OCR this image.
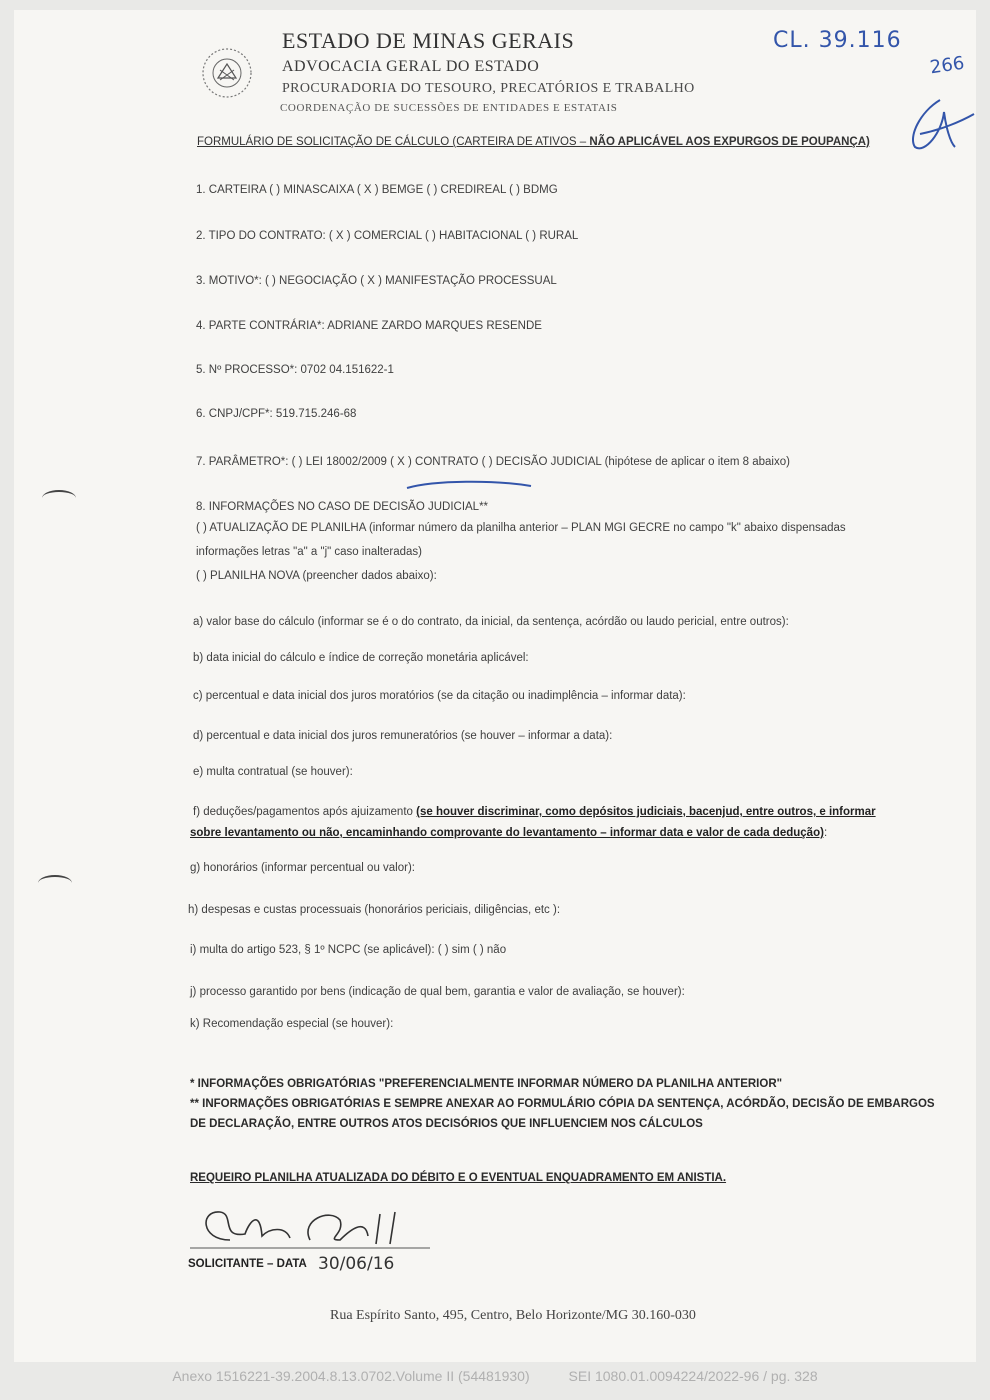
ESTADO DE MINAS GERAIS
ADVOCACIA GERAL DO ESTADO
PROCURADORIA DO TESOURO, PRECATÓRIOS E TRABALHO
COORDENAÇÃO DE SUCESSÕES DE ENTIDADES E ESTATAIS
CL. 39.116
266
FORMULÁRIO DE SOLICITAÇÃO DE CÁLCULO (CARTEIRA DE ATIVOS – NÃO APLICÁVEL AOS EXPURGOS DE POUPANÇA)
1. CARTEIRA ( ) MINASCAIXA ( X ) BEMGE ( ) CREDIREAL ( ) BDMG
2. TIPO DO CONTRATO: ( X ) COMERCIAL ( ) HABITACIONAL ( ) RURAL
3. MOTIVO*: ( ) NEGOCIAÇÃO ( X ) MANIFESTAÇÃO PROCESSUAL
4. PARTE CONTRÁRIA*: ADRIANE ZARDO MARQUES RESENDE
5. Nº PROCESSO*: 0702 04.151622-1
6. CNPJ/CPF*: 519.715.246-68
7. PARÂMETRO*: ( ) LEI 18002/2009 ( X ) CONTRATO ( ) DECISÃO JUDICIAL (hipótese de aplicar o item 8 abaixo)
8. INFORMAÇÕES NO CASO DE DECISÃO JUDICIAL**
( ) ATUALIZAÇÃO DE PLANILHA (informar número da planilha anterior – PLAN MGI GECRE no campo "k" abaixo dispensadas
informações letras "a" a "j" caso inalteradas)
( ) PLANILHA NOVA (preencher dados abaixo):
a) valor base do cálculo (informar se é o do contrato, da inicial, da sentença, acórdão ou laudo pericial, entre outros):
b) data inicial do cálculo e índice de correção monetária aplicável:
c) percentual e data inicial dos juros moratórios (se da citação ou inadimplência – informar data):
d) percentual e data inicial dos juros remuneratórios (se houver – informar a data):
e) multa contratual (se houver):
f) deduções/pagamentos após ajuizamento (se houver discriminar, como depósitos judiciais, bacenjud, entre outros, e informar
sobre levantamento ou não, encaminhando comprovante do levantamento – informar data e valor de cada dedução):
g) honorários (informar percentual ou valor):
h) despesas e custas processuais (honorários periciais, diligências, etc ):
i) multa do artigo 523, § 1º NCPC (se aplicável): ( ) sim ( ) não
j) processo garantido por bens (indicação de qual bem, garantia e valor de avaliação, se houver):
k) Recomendação especial (se houver):
* INFORMAÇÕES OBRIGATÓRIAS "PREFERENCIALMENTE INFORMAR NÚMERO DA PLANILHA ANTERIOR"
** INFORMAÇÕES OBRIGATÓRIAS E SEMPRE ANEXAR AO FORMULÁRIO CÓPIA DA SENTENÇA, ACÓRDÃO, DECISÃO DE EMBARGOS
DE DECLARAÇÃO, ENTRE OUTROS ATOS DECISÓRIOS QUE INFLUENCIEM NOS CÁLCULOS
REQUEIRO PLANILHA ATUALIZADA DO DÉBITO E O EVENTUAL ENQUADRAMENTO EM ANISTIA.
SOLICITANTE – DATA 30/06/16
Rua Espírito Santo, 495, Centro, Belo Horizonte/MG 30.160-030
Anexo 1516221-39.2004.8.13.0702.Volume II (54481930)          SEI 1080.01.0094224/2022-96 / pg. 328
